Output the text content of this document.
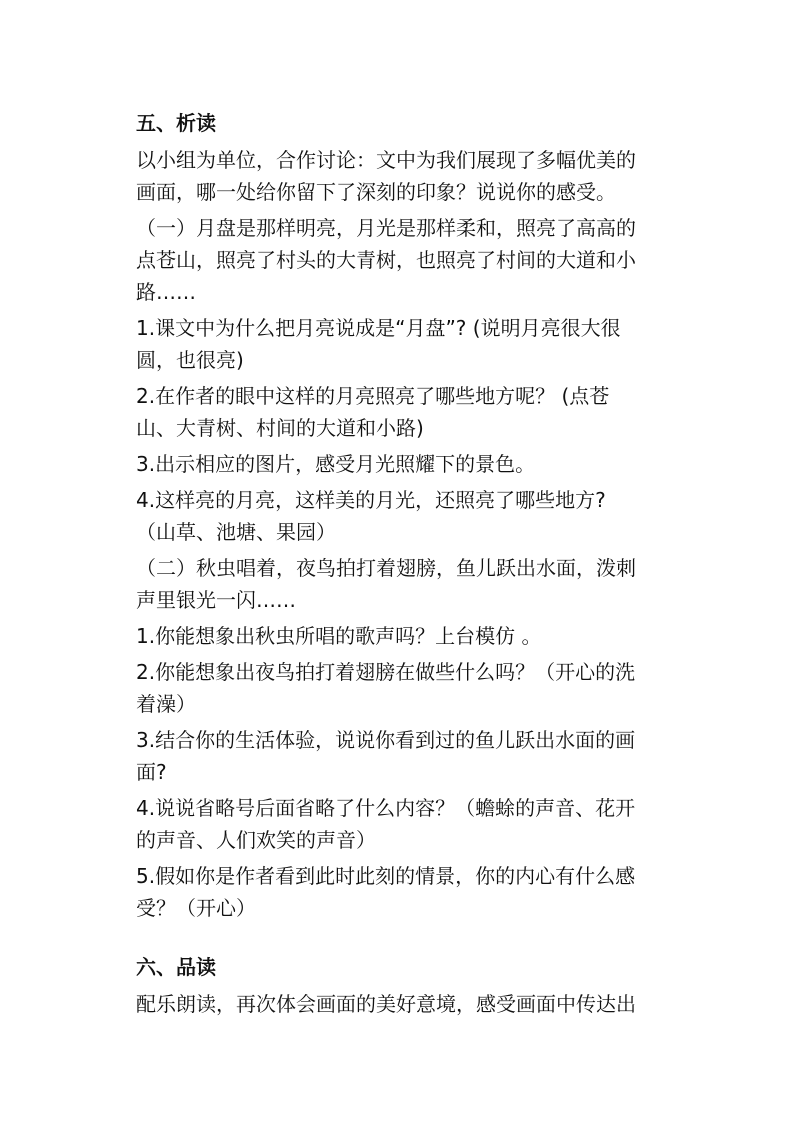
五、析读
以小组为单位，合作讨论：文中为我们展现了多幅优美的
画面，哪一处给你留下了深刻的印象？说说你的感受。
（一）月盘是那样明亮，月光是那样柔和，照亮了高高的
点苍山，照亮了村头的大青树，也照亮了村间的大道和小
路……
1.课文中为什么把月亮说成是“月盘”? (说明月亮很大很
圆，也很亮)
2.在作者的眼中这样的月亮照亮了哪些地方呢？ (点苍
山、大青树、村间的大道和小路)
3.出示相应的图片，感受月光照耀下的景色。
4.这样亮的月亮，这样美的月光，还照亮了哪些地方?
（山草、池塘、果园）
（二）秋虫唱着，夜鸟拍打着翅膀，鱼儿跃出水面，泼刺
声里银光一闪……
1.你能想象出秋虫所唱的歌声吗？上台模仿 。
2.你能想象出夜鸟拍打着翅膀在做些什么吗？（开心的洗
着澡）
3.结合你的生活体验，说说你看到过的鱼儿跃出水面的画
面?
4.说说省略号后面省略了什么内容？（蟾蜍的声音、花开
的声音、人们欢笑的声音）
5.假如你是作者看到此时此刻的情景，你的内心有什么感
受？（开心）
六、品读
配乐朗读，再次体会画面的美好意境，感受画面中传达出
